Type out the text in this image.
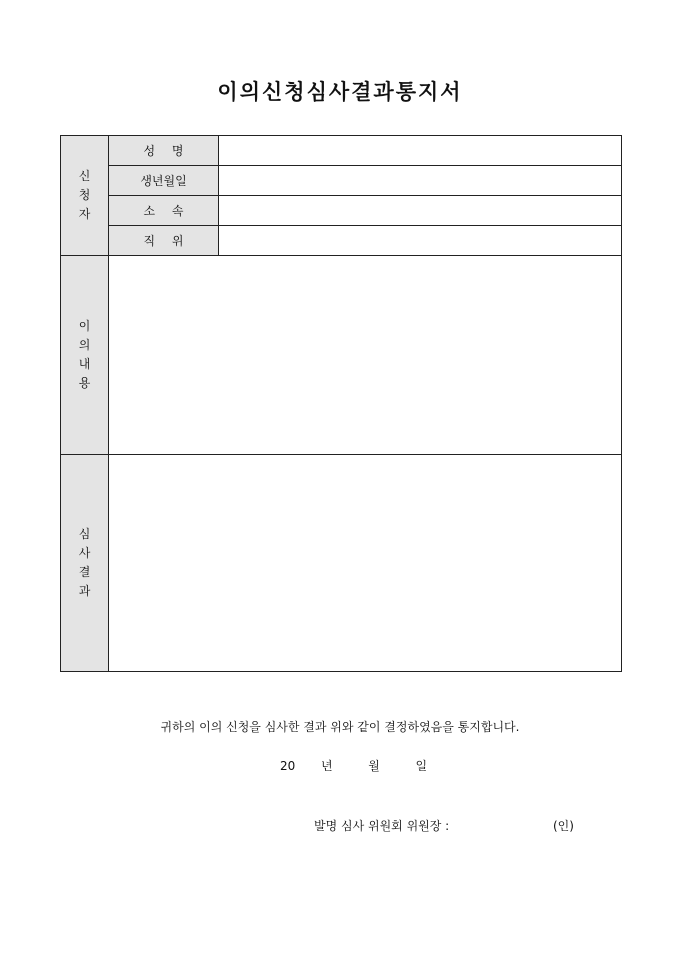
이의신청심사결과통지서
신
청
자	성 명	

	생년월일	

	소 속	

	직 위	

이
의
내
용		

심
사
결
과		

귀하의 이의 신청을 심사한 결과 위와 같이 결정하였음을 통지합니다.
20 년	월	일
발명 심사 위원회 위원장 :	(인)
